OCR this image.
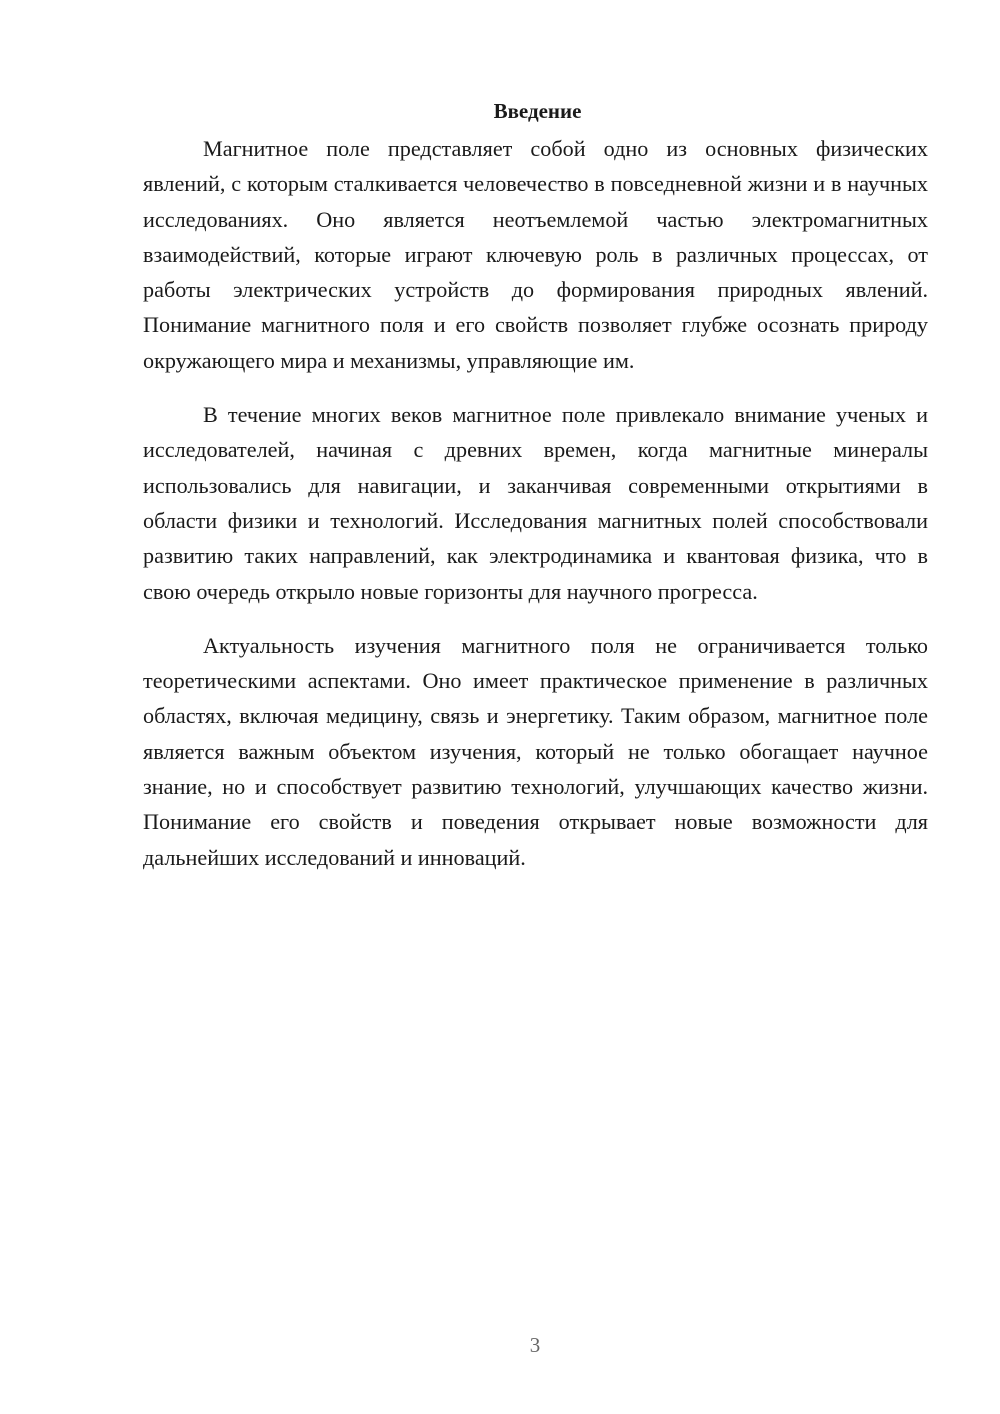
Введение

Магнитное поле представляет собой одно из основных физических явлений, с которым сталкивается человечество в повседневной жизни и в научных исследованиях. Оно является неотъемлемой частью электромагнитных взаимодействий, которые играют ключевую роль в различных процессах, от работы электрических устройств до формирования природных явлений. Понимание магнитного поля и его свойств позволяет глубже осознать природу окружающего мира и механизмы, управляющие им.

В течение многих веков магнитное поле привлекало внимание ученых и исследователей, начиная с древних времен, когда магнитные минералы использовались для навигации, и заканчивая современными открытиями в области физики и технологий. Исследования магнитных полей способствовали развитию таких направлений, как электродинамика и квантовая физика, что в свою очередь открыло новые горизонты для научного прогресса.

Актуальность изучения магнитного поля не ограничивается только теоретическими аспектами. Оно имеет практическое применение в различных областях, включая медицину, связь и энергетику. Таким образом, магнитное поле является важным объектом изучения, который не только обогащает научное знание, но и способствует развитию технологий, улучшающих качество жизни. Понимание его свойств и поведения открывает новые возможности для дальнейших исследований и инноваций.

3
